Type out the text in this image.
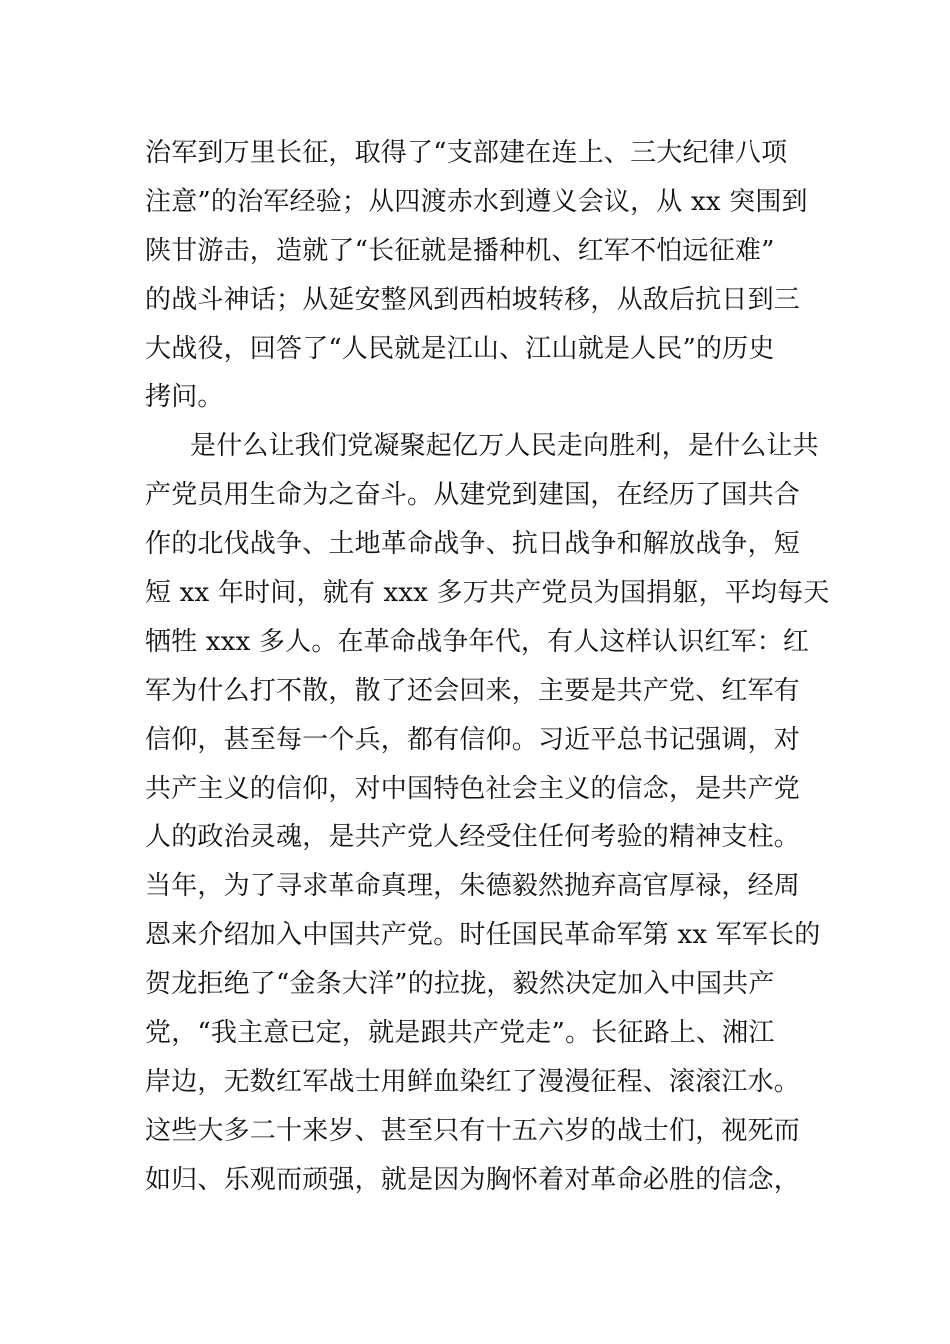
治军到万里长征，取得了“支部建在连上、三大纪律八项
注意”的治军经验；从四渡赤水到遵义会议，从 xx 突围到
陕甘游击，造就了“长征就是播种机、红军不怕远征难”
的战斗神话；从延安整风到西柏坡转移，从敌后抗日到三
大战役，回答了“人民就是江山、江山就是人民”的历史
拷问。
是什么让我们党凝聚起亿万人民走向胜利，是什么让共
产党员用生命为之奋斗。从建党到建国，在经历了国共合
作的北伐战争、土地革命战争、抗日战争和解放战争，短
短 xx 年时间，就有 xxx 多万共产党员为国捐躯，平均每天
牺牲 xxx 多人。在革命战争年代，有人这样认识红军：红
军为什么打不散，散了还会回来，主要是共产党、红军有
信仰，甚至每一个兵，都有信仰。习近平总书记强调，对
共产主义的信仰，对中国特色社会主义的信念，是共产党
人的政治灵魂，是共产党人经受住任何考验的精神支柱。
当年，为了寻求革命真理，朱德毅然抛弃高官厚禄，经周
恩来介绍加入中国共产党。时任国民革命军第 xx 军军长的
贺龙拒绝了“金条大洋”的拉拢，毅然决定加入中国共产
党，“我主意已定，就是跟共产党走”。长征路上、湘江
岸边，无数红军战士用鲜血染红了漫漫征程、滚滚江水。
这些大多二十来岁、甚至只有十五六岁的战士们，视死而
如归、乐观而顽强，就是因为胸怀着对革命必胜的信念，
